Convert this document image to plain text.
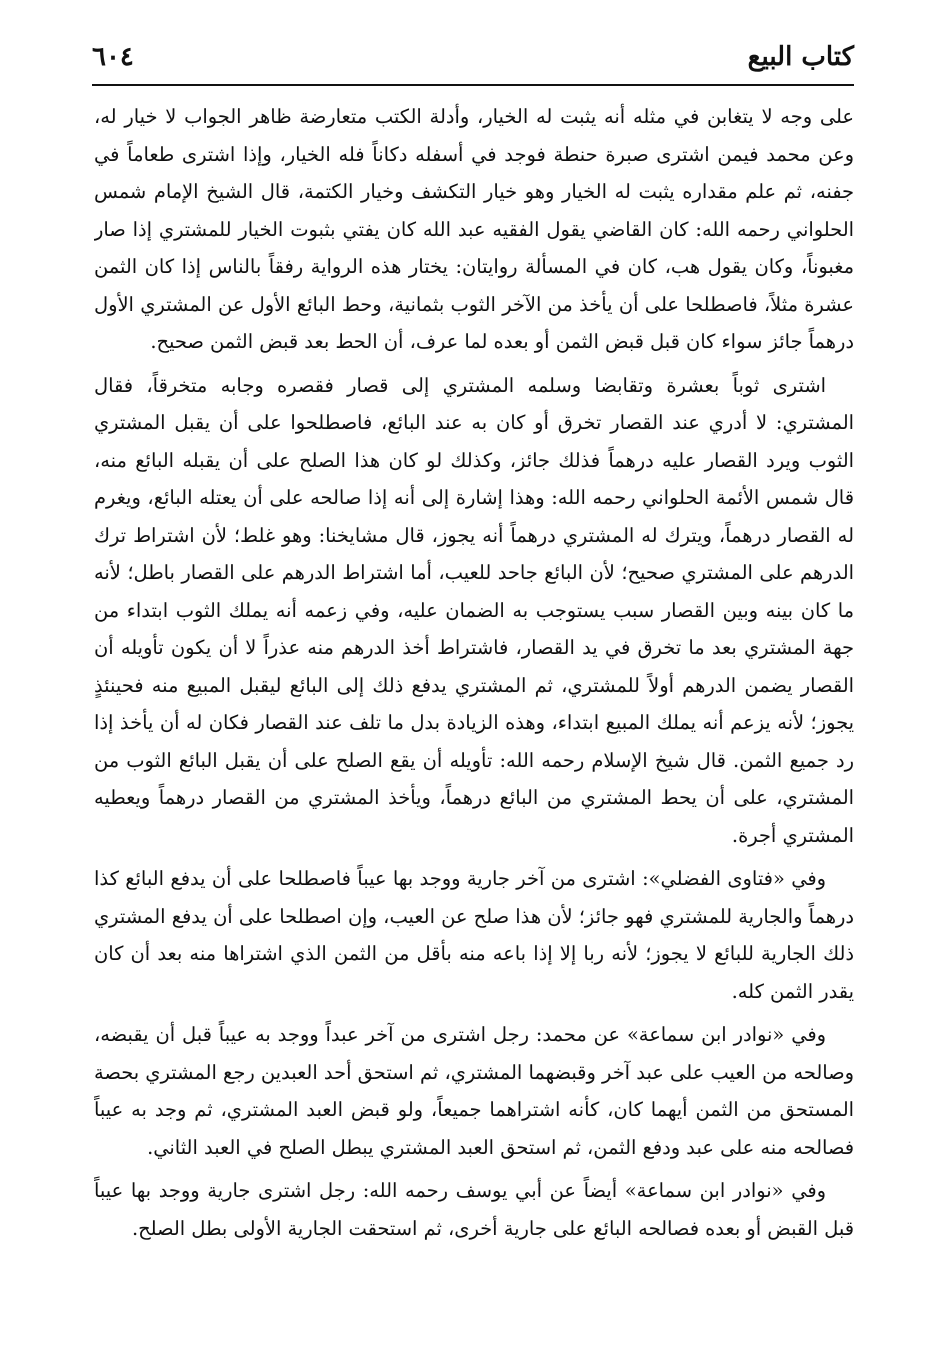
كتاب البيع
٦٠٤

على وجه لا يتغابن في مثله أنه يثبت له الخيار، وأدلة الكتب متعارضة ظاهر الجواب لا خيار له، وعن محمد فيمن اشترى صبرة حنطة فوجد في أسفله دكاناً فله الخيار، وإذا اشترى طعاماً في جفنه، ثم علم مقداره يثبت له الخيار وهو خيار التكشف وخيار الكتمة، قال الشيخ الإمام شمس الحلواني رحمه الله: كان القاضي يقول الفقيه عبد الله كان يفتي بثبوت الخيار للمشتري إذا صار مغبوناً، وكان يقول هب، كان في المسألة روايتان: يختار هذه الرواية رفقاً بالناس إذا كان الثمن عشرة مثلاً، فاصطلحا على أن يأخذ من الآخر الثوب بثمانية، وحط البائع الأول عن المشتري الأول درهماً جائز سواء كان قبل قبض الثمن أو بعده لما عرف، أن الحط بعد قبض الثمن صحيح.

اشترى ثوباً بعشرة وتقابضا وسلمه المشتري إلى قصار فقصره وجابه متخرقاً، فقال المشتري: لا أدري عند القصار تخرق أو كان به عند البائع، فاصطلحوا على أن يقبل المشتري الثوب ويرد القصار عليه درهماً فذلك جائز، وكذلك لو كان هذا الصلح على أن يقبله البائع منه، قال شمس الأئمة الحلواني رحمه الله: وهذا إشارة إلى أنه إذا صالحه على أن يعتله البائع، ويغرم له القصار درهماً، ويترك له المشتري درهماً أنه يجوز، قال مشايخنا: وهو غلط؛ لأن اشتراط ترك الدرهم على المشتري صحيح؛ لأن البائع جاحد للعيب، أما اشتراط الدرهم على القصار باطل؛ لأنه ما كان بينه وبين القصار سبب يستوجب به الضمان عليه، وفي زعمه أنه يملك الثوب ابتداء من جهة المشتري بعد ما تخرق في يد القصار، فاشتراط أخذ الدرهم منه عذراً لا أن يكون تأويله أن القصار يضمن الدرهم أولاً للمشتري، ثم المشتري يدفع ذلك إلى البائع ليقبل المبيع منه فحينئذٍ يجوز؛ لأنه يزعم أنه يملك المبيع ابتداء، وهذه الزيادة بدل ما تلف عند القصار فكان له أن يأخذ إذا رد جميع الثمن. قال شيخ الإسلام رحمه الله: تأويله أن يقع الصلح على أن يقبل البائع الثوب من المشتري، على أن يحط المشتري من البائع درهماً، ويأخذ المشتري من القصار درهماً ويعطيه المشتري أجرة.

وفي «فتاوى الفضلي»: اشترى من آخر جارية ووجد بها عيباً فاصطلحا على أن يدفع البائع كذا درهماً والجارية للمشتري فهو جائز؛ لأن هذا صلح عن العيب، وإن اصطلحا على أن يدفع المشتري ذلك الجارية للبائع لا يجوز؛ لأنه ربا إلا إذا باعه منه بأقل من الثمن الذي اشتراها منه بعد أن كان يقدر الثمن كله.

وفي «نوادر ابن سماعة» عن محمد: رجل اشترى من آخر عبداً ووجد به عيباً قبل أن يقبضه، وصالحه من العيب على عبد آخر وقبضهما المشتري، ثم استحق أحد العبدين رجع المشتري بحصة المستحق من الثمن أيهما كان، كأنه اشتراهما جميعاً، ولو قبض العبد المشتري، ثم وجد به عيباً فصالحه منه على عبد ودفع الثمن، ثم استحق العبد المشتري يبطل الصلح في العبد الثاني.

وفي «نوادر ابن سماعة» أيضاً عن أبي يوسف رحمه الله: رجل اشترى جارية ووجد بها عيباً قبل القبض أو بعده فصالحه البائع على جارية أخرى، ثم استحقت الجارية الأولى بطل الصلح.
